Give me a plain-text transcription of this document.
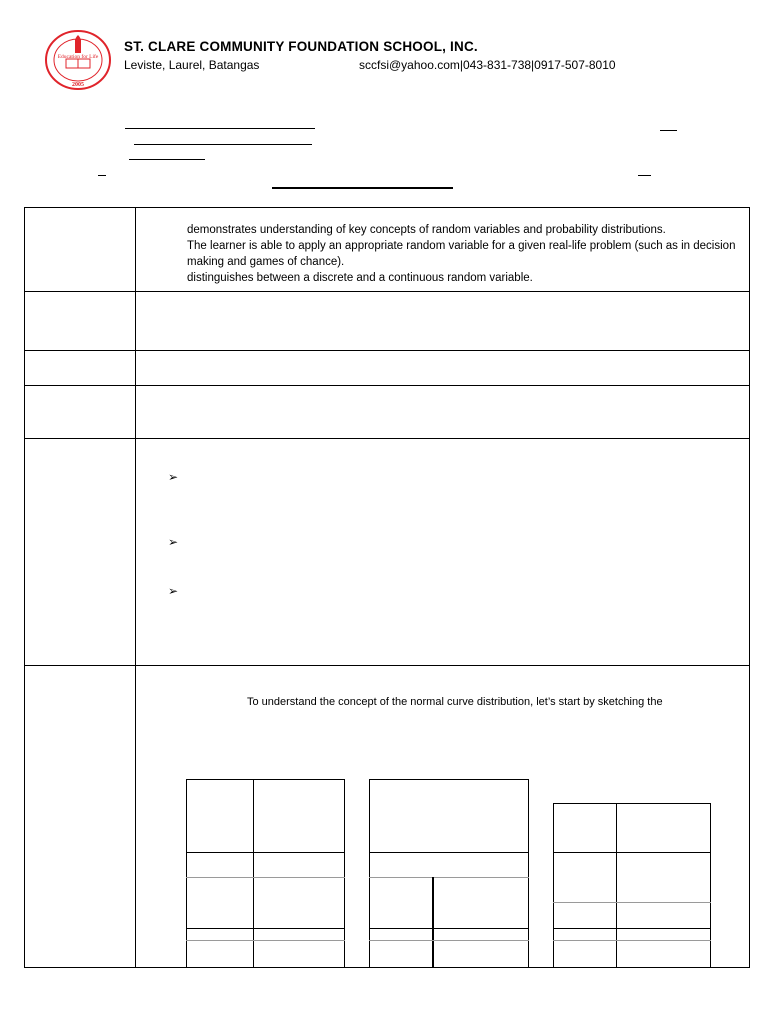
Education for Life
2005
ST. CLARE COMMUNITY FOUNDATION SCHOOL, INC.
Leviste, Laurel, Batangas	sccfsi@yahoo.com|043-831-738|0917-507-8010
demonstrates understanding of key concepts of random variables and probability distributions.
The learner is able to apply an appropriate random variable for a given real-life problem (such as in decision making and games of chance).
distinguishes between a discrete and a continuous random variable.
➢
➢
➢
To understand the concept of the normal curve distribution, let’s start by sketching the
